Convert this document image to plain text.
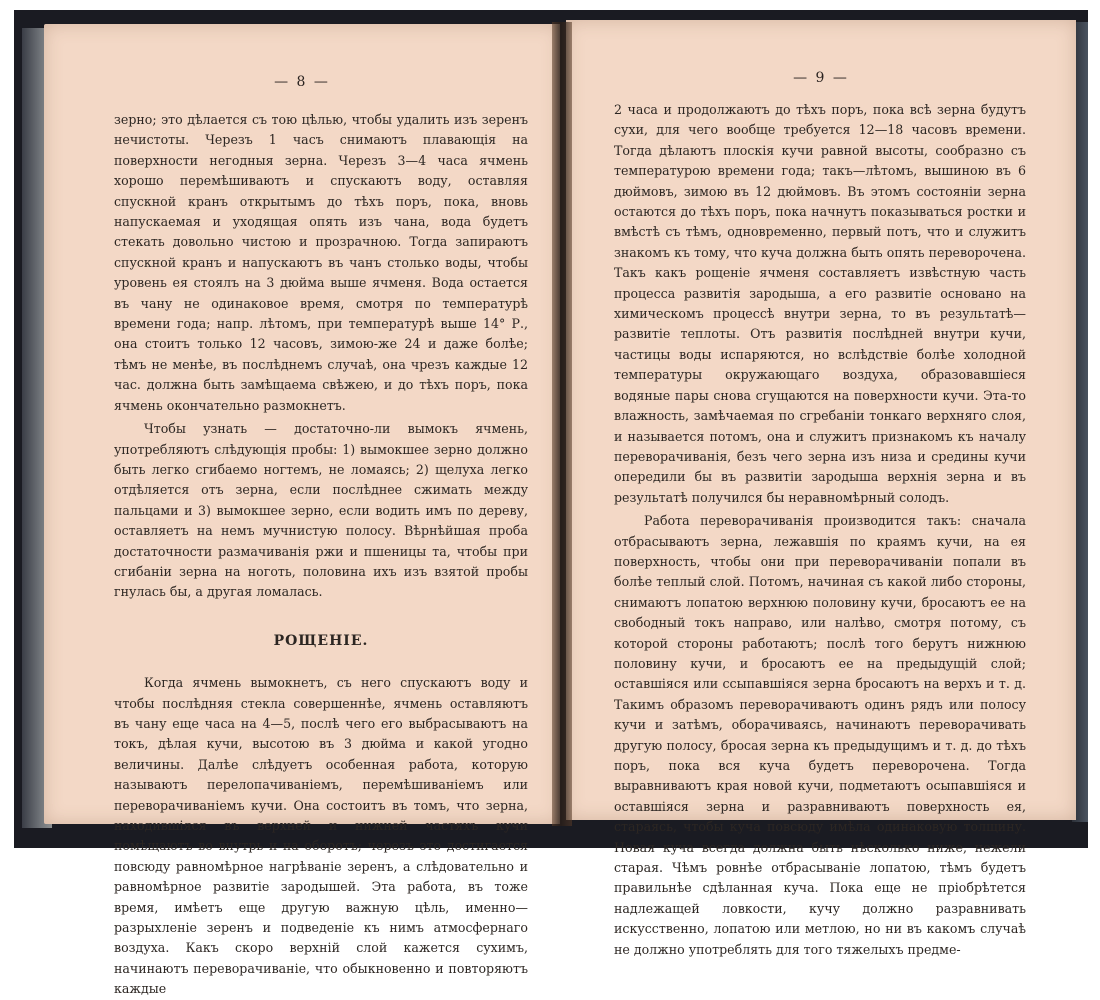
— 8 —

зерно; это дѣлается съ тою цѣлью, чтобы удалить изъ зеренъ нечистоты. Черезъ 1 часъ снимаютъ плавающія на поверхности негодныя зерна. Черезъ 3—4 часа ячмень хорошо перемѣшиваютъ и спускаютъ воду, оставляя спускной кранъ открытымъ до тѣхъ поръ, пока, вновь напускаемая и уходящая опять изъ чана, вода будетъ стекать довольно чистою и прозрачною. Тогда запираютъ спускной кранъ и напускаютъ въ чанъ столько воды, чтобы уровень ея стоялъ на 3 дюйма выше ячменя. Вода остается въ чану не одинаковое время, смотря по температурѣ времени года; напр. лѣтомъ, при температурѣ выше 14° Р., она стоитъ только 12 часовъ, зимою-же 24 и даже болѣе; тѣмъ не менѣе, въ послѣднемъ случаѣ, она чрезъ каждые 12 час. должна быть замѣщаема свѣжею, и до тѣхъ поръ, пока ячмень окончательно размокнетъ.

Чтобы узнать — достаточно-ли вымокъ ячмень, употребляютъ слѣдующія пробы: 1) вымокшее зерно должно быть легко сгибаемо ногтемъ, не ломаясь; 2) щелуха легко отдѣляется отъ зерна, если послѣднее сжимать между пальцами и 3) вымокшее зерно, если водить имъ по дереву, оставляетъ на немъ мучнистую полосу. Вѣрнѣйшая проба достаточности размачиванія ржи и пшеницы та, чтобы при сгибаніи зерна на ноготь, половина ихъ изъ взятой пробы гнулась бы, а другая ломалась.

РОЩЕНІЕ.

Когда ячмень вымокнетъ, съ него спускаютъ воду и чтобы послѣдняя стекла совершеннѣе, ячмень оставляютъ въ чану еще часа на 4—5, послѣ чего его выбрасываютъ на токъ, дѣлая кучи, высотою въ 3 дюйма и какой угодно величины. Далѣе слѣдуетъ особенная работа, которую называютъ перелопачиваніемъ, перемѣшиваніемъ или переворачиваніемъ кучи. Она состоитъ въ томъ, что зерна, находившіяся въ верхней и нижней частяхъ кучи помѣщаютъ во внутрь и на оборотъ; черезъ это достигается повсюду равномѣрное нагрѣваніе зеренъ, а слѣдовательно и равномѣрное развитіе зародышей. Эта работа, въ тоже время, имѣетъ еще другую важную цѣль, именно—разрыхленіе зеренъ и подведеніе къ нимъ атмосфернаго воздуха. Какъ скоро верхній слой кажется сухимъ, начинаютъ переворачиваніе, что обыкновенно и повторяютъ каждые

— 9 —

2 часа и продолжаютъ до тѣхъ поръ, пока всѣ зерна будутъ сухи, для чего вообще требуется 12—18 часовъ времени. Тогда дѣлаютъ плоскія кучи равной высоты, сообразно съ температурою времени года; такъ—лѣтомъ, вышиною въ 6 дюймовъ, зимою въ 12 дюймовъ. Въ этомъ состояніи зерна остаются до тѣхъ поръ, пока начнутъ показываться ростки и вмѣстѣ съ тѣмъ, одновременно, первый потъ, что и служитъ знакомъ къ тому, что куча должна быть опять переворочена. Такъ какъ рощеніе ячменя составляетъ извѣстную часть процесса развитія зародыша, а его развитіе основано на химическомъ процессѣ внутри зерна, то въ результатѣ—развитіе теплоты. Отъ развитія послѣдней внутри кучи, частицы воды испаряются, но вслѣдствіе болѣе холодной температуры окружающаго воздуха, образовавшіеся водяные пары снова сгущаются на поверхности кучи. Эта-то влажность, замѣчаемая по сгребаніи тонкаго верхняго слоя, и называется потомъ, она и служитъ признакомъ къ началу переворачиванія, безъ чего зерна изъ низа и средины кучи опередили бы въ развитіи зародыша верхнія зерна и въ результатѣ получился бы неравномѣрный солодъ.

Работа переворачиванія производится такъ: сначала отбрасываютъ зерна, лежавшія по краямъ кучи, на ея поверхность, чтобы они при переворачиваніи попали въ болѣе теплый слой. Потомъ, начиная съ какой либо стороны, снимаютъ лопатою верхнюю половину кучи, бросаютъ ее на свободный токъ направо, или налѣво, смотря потому, съ которой стороны работаютъ; послѣ того берутъ нижнюю половину кучи, и бросаютъ ее на предыдущій слой; оставшіяся или ссыпавшіяся зерна бросаютъ на верхъ и т. д. Такимъ образомъ переворачиваютъ одинъ рядъ или полосу кучи и затѣмъ, оборачиваясь, начинаютъ переворачивать другую полосу, бросая зерна къ предыдущимъ и т. д. до тѣхъ поръ, пока вся куча будетъ переворочена. Тогда выравниваютъ края новой кучи, подметаютъ осыпавшіяся и оставшіяся зерна и разравниваютъ поверхность ея, стараясь, чтобы куча повсюду имѣла одинаковую толщину. Новая куча всегда должна быть нѣсколько ниже, нежели старая. Чѣмъ ровнѣе отбрасываніе лопатою, тѣмъ будетъ правильнѣе сдѣланная куча. Пока еще не пріобрѣтется надлежащей ловкости, кучу должно разравнивать искусственно, лопатою или метлою, но ни въ какомъ случаѣ не должно употреблять для того тяжелыхъ предме-
